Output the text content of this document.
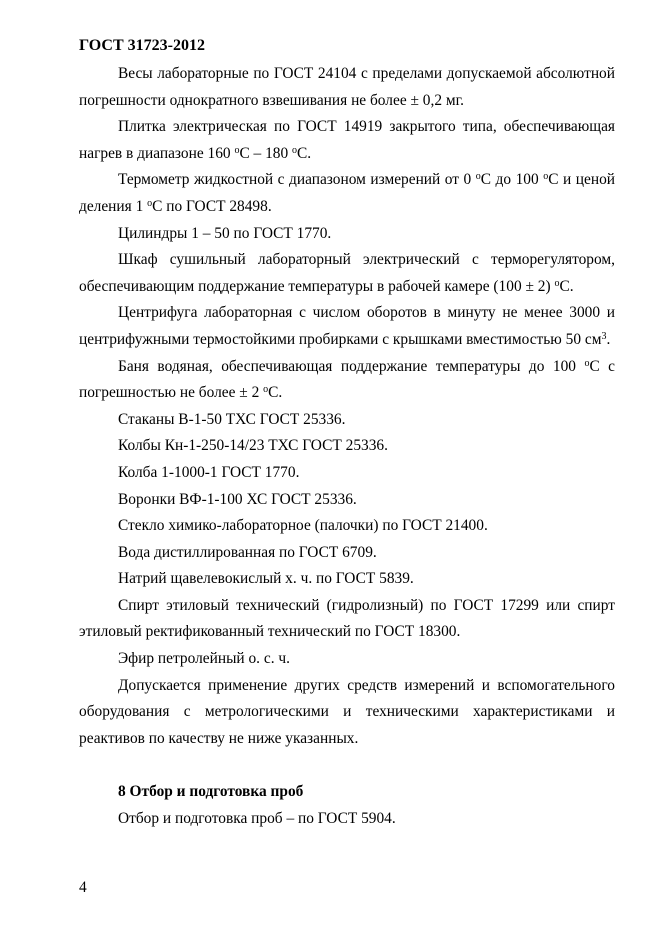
ГОСТ 31723-2012

Весы лабораторные по ГОСТ 24104 с пределами допускаемой абсолютной погрешности однократного взвешивания не более ± 0,2 мг.

Плитка электрическая по ГОСТ 14919 закрытого типа, обеспечивающая нагрев в диапазоне 160 $^o$С – 180 $^o$С.

Термометр жидкостной с диапазоном измерений от 0 $^o$С до 100 $^o$С и ценой деления 1 $^o$С по ГОСТ 28498.

Цилиндры 1 – 50 по ГОСТ 1770.

Шкаф сушильный лабораторный электрический с терморегулятором, обеспечивающим поддержание температуры в рабочей камере (100 ± 2) $^o$С.

Центрифуга лабораторная с числом оборотов в минуту не менее 3000 и центрифужными термостойкими пробирками с крышками вместимостью 50 $см^3$.

Баня водяная, обеспечивающая поддержание температуры до 100 $^o$С с погрешностью не более ± 2 $^o$С.

Стаканы В-1-50 ТХС ГОСТ 25336.

Колбы Кн-1-250-14/23 ТХС ГОСТ 25336.

Колба 1-1000-1 ГОСТ 1770.

Воронки ВФ-1-100 ХС ГОСТ 25336.

Стекло химико-лабораторное (палочки) по ГОСТ 21400.

Вода дистиллированная по ГОСТ 6709.

Натрий щавелевокислый х. ч. по ГОСТ 5839.

Спирт этиловый технический (гидролизный) по ГОСТ 17299 или спирт этиловый ректификованный технический по ГОСТ 18300.

Эфир петролейный о. с. ч.

Допускается применение других средств измерений и вспомогательного оборудования с метрологическими и техническими характеристиками и реактивов по качеству не ниже указанных.

8 Отбор и подготовка проб

Отбор и подготовка проб – по ГОСТ 5904.

4
